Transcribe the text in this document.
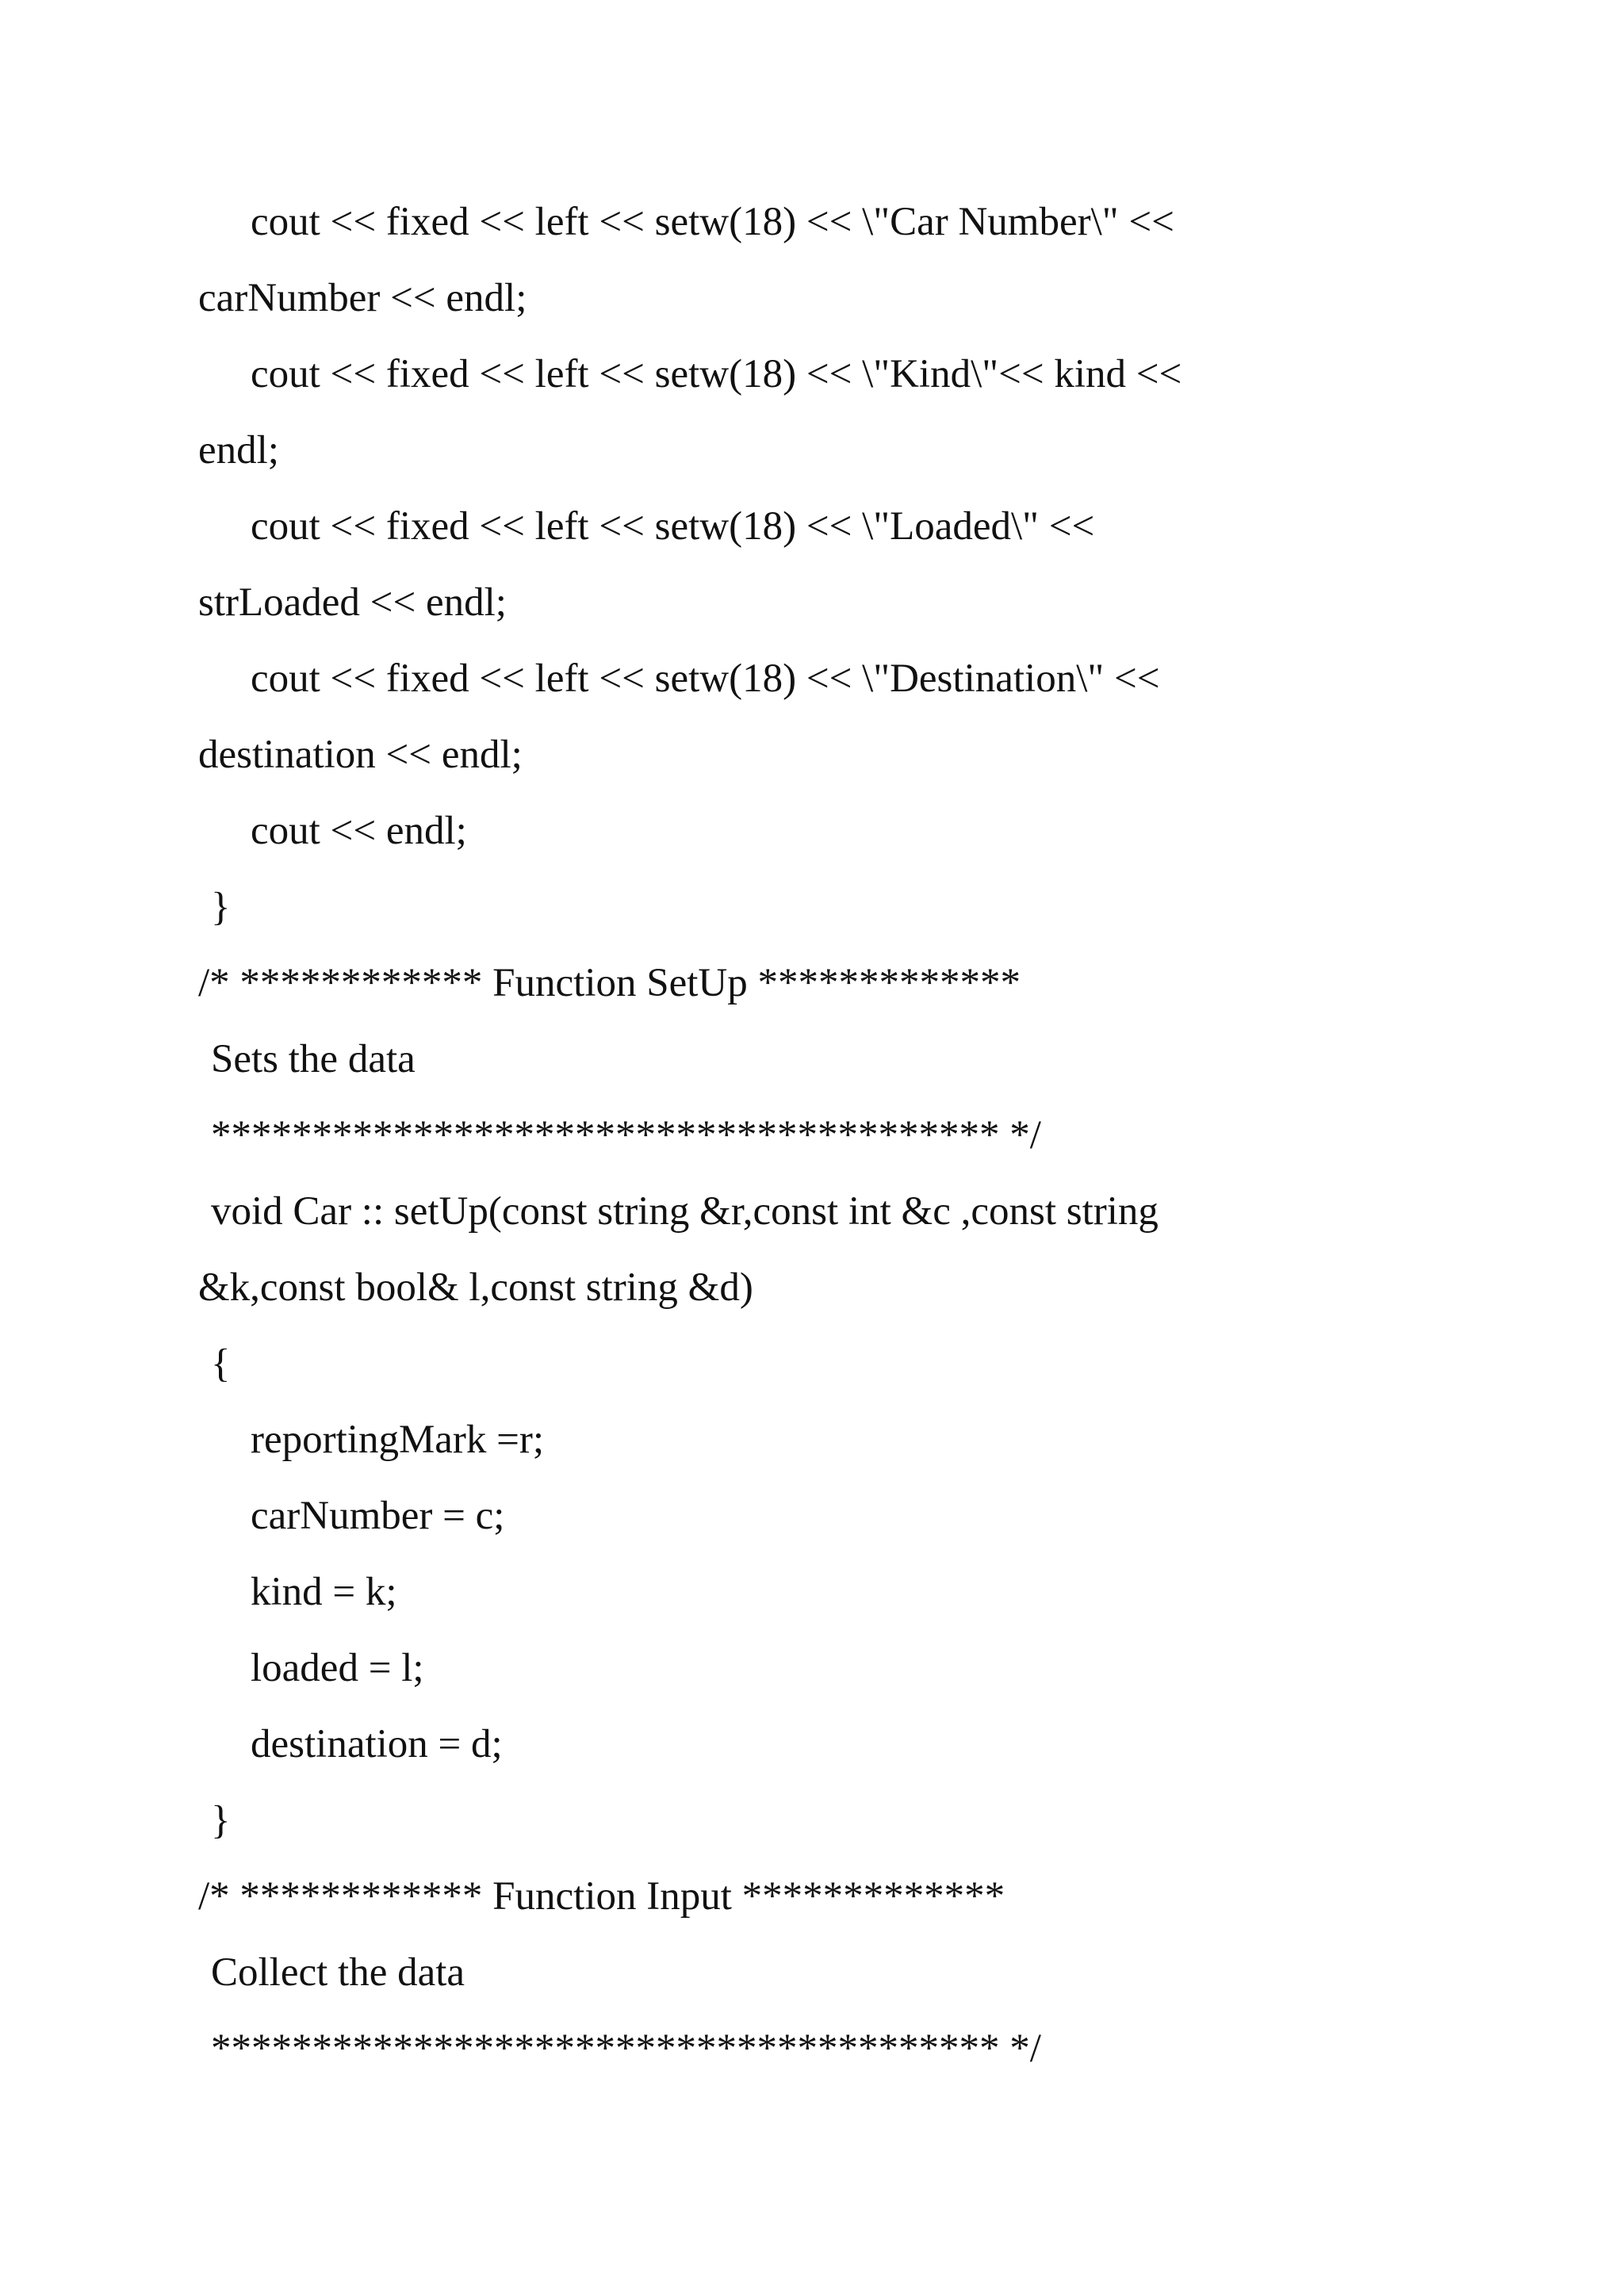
cout << fixed << left << setw(18) << \"Car Number\" <<

carNumber << endl;

cout << fixed << left << setw(18) << \"Kind\"<< kind <<

endl;

cout << fixed << left << setw(18) << \"Loaded\" <<

strLoaded << endl;

cout << fixed << left << setw(18) << \"Destination\" <<

destination << endl;

cout << endl;

}

/* ************ Function SetUp *************

Sets the data

*************************************** */

void Car :: setUp(const string &r,const int &c ,const string

&k,const bool& l,const string &d)

{

reportingMark =r;

carNumber = c;

kind = k;

loaded = l;

destination = d;

}

/* ************ Function Input *************

Collect the data

*************************************** */
